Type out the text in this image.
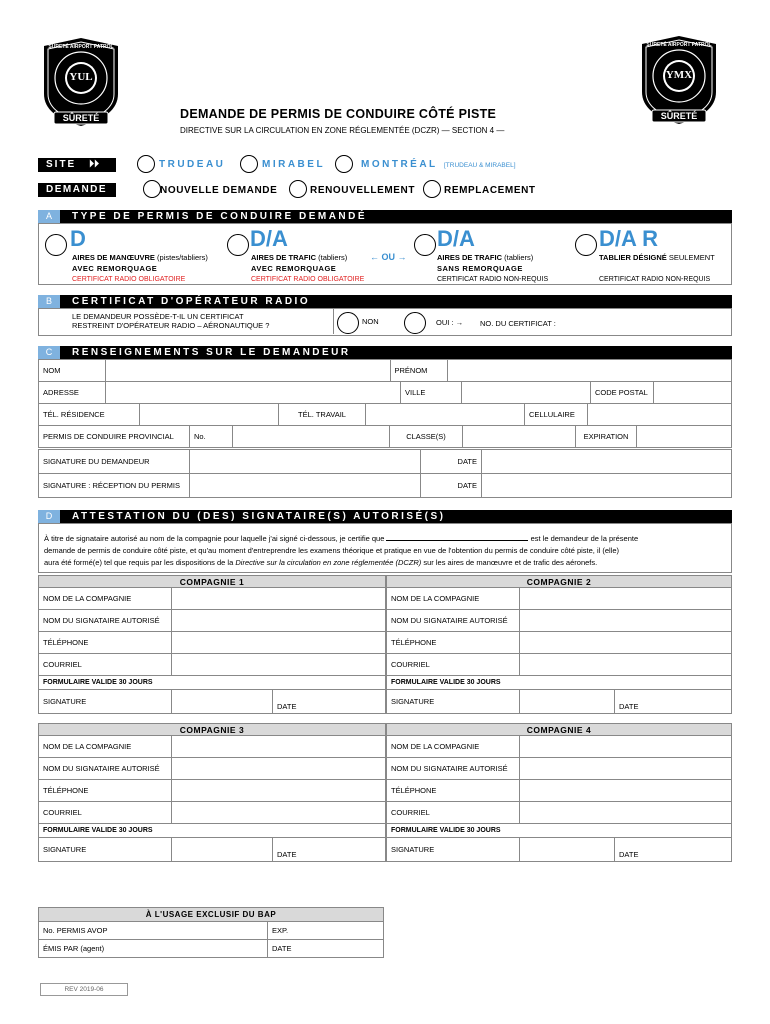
YUL
SÛRETÉ
SÛRETÉ AIRPORT PATROL
YMX
SÛRETÉ
SÛRETÉ AIRPORT PATROL
DEMANDE DE PERMIS DE CONDUIRE CÔTÉ PISTE
DIRECTIVE SUR LA CIRCULATION EN ZONE RÉGLEMENTÉE (DCZR) — SECTION 4 —
SITE ⏵⏵	TRUDEAU	MIRABEL	MONTRÉAL [TRUDEAU & MIRABEL]
DEMANDE	NOUVELLE DEMANDE	RENOUVELLEMENT	REMPLACEMENT
A	TYPE DE PERMIS DE CONDUIRE DEMANDÉ
D
AIRES DE MANŒUVRE (pistes/tabliers)
AVEC REMORQUAGE
CERTIFICAT RADIO OBLIGATOIRE
D/A
AIRES DE TRAFIC (tabliers)
AVEC REMORQUAGE
CERTIFICAT RADIO OBLIGATOIRE
← OU →
D/A
AIRES DE TRAFIC (tabliers)
SANS REMORQUAGE
CERTIFICAT RADIO NON-REQUIS
D/A R
TABLIER DÉSIGNÉ SEULEMENT
CERTIFICAT RADIO NON-REQUIS
B	CERTIFICAT D'OPÉRATEUR RADIO
LE DEMANDEUR POSSÈDE-T-IL UN CERTIFICAT
RESTREINT D'OPÉRATEUR RADIO – AÉRONAUTIQUE ?	NON	OUI : → NO. DU CERTIFICAT :
C	RENSEIGNEMENTS SUR LE DEMANDEUR
NOM		PRÉNOM	
ADRESSE		VILLE		CODE POSTAL	
TÉL. RÉSIDENCE		TÉL. TRAVAIL		CELLULAIRE	
PERMIS DE CONDUIRE PROVINCIAL	No.		CLASSE(S)		EXPIRATION	
SIGNATURE DU DEMANDEUR		DATE	
SIGNATURE : RÉCEPTION DU PERMIS		DATE	
D	ATTESTATION DU (DES) SIGNATAIRE(S) AUTORISÉ(S)
À titre de signataire autorisé au nom de la compagnie pour laquelle j'ai signé ci-dessous, je certifie que	est le demandeur de la présente
demande de permis de conduire côté piste, et qu'au moment d'entreprendre les examens théorique et pratique en vue de l'obtention du permis de conduire côté piste, il (elle)
aura été formé(e) tel que requis par les dispositions de la Directive sur la circulation en zone réglementée (DCZR) sur les aires de manœuvre et de trafic des aéronefs.
COMPAGNIE 1		
NOM DE LA COMPAGNIE		
NOM DU SIGNATAIRE AUTORISÉ		
TÉLÉPHONE		
COURRIEL		
FORMULAIRE VALIDE 30 JOURS		
SIGNATURE		DATE
COMPAGNIE 2		
NOM DE LA COMPAGNIE		
NOM DU SIGNATAIRE AUTORISÉ		
TÉLÉPHONE		
COURRIEL		
FORMULAIRE VALIDE 30 JOURS		
SIGNATURE		DATE
COMPAGNIE 3		
NOM DE LA COMPAGNIE		
NOM DU SIGNATAIRE AUTORISÉ		
TÉLÉPHONE		
COURRIEL		
FORMULAIRE VALIDE 30 JOURS		
SIGNATURE		DATE
COMPAGNIE 4		
NOM DE LA COMPAGNIE		
NOM DU SIGNATAIRE AUTORISÉ		
TÉLÉPHONE		
COURRIEL		
FORMULAIRE VALIDE 30 JOURS		
SIGNATURE		DATE
À L'USAGE EXCLUSIF DU BAP	
No. PERMIS AVOP	EXP.
ÉMIS PAR (agent)	DATE
REV 2019-06
